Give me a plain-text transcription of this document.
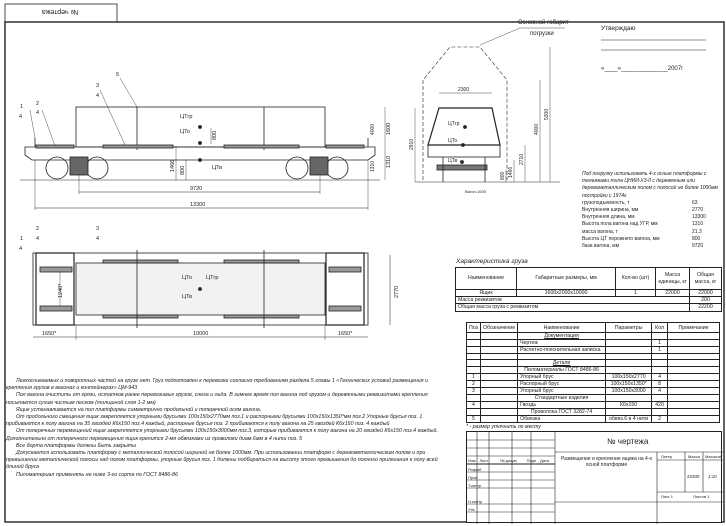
№ чертежа
1
4
2
4
3
4
5
ЦТгр
ЦТо
ЦТв
9720
13300
800
1466 800
1600
1310
1
4
2
4
3
4
ЦТо	ЦТгр
ЦТв
1650*	10000	1650*
1240*	2770
Основной габарит
погрузки
2300
ЦТгр
ЦТо
ЦТв
2910
5300
4000
2710
1466
800
Вагон-1000
4000
1310
Утверждаю
«____»______________2007г
Под погрузку использовать 4-х осные платформы с тележками типа ЦНИИ-Х3-0 с деревянным или деревометаллическим полом с полосой не более 1000мм постройки с 1974г
грузоподъемность, т	63
Внутренняя ширина, мм	2770
Внутренняя длина, мм	13300
Высота пола вагона над УГР, мм	1310
масса вагона, т	21.3
Высота ЦТ порожнего вагона, мм	800
база вагона, мм	9720
Характеристика груза
Наименование	Габаритные размеры, мм	Кол-во (шт)	Масса единицы, кг	Общая масса, кг
Ящик	1600х2000х10000	1	22000	22000
Масса реквизитов				200
Общая масса груза с реквизитом				22200
Поз	Обозначение	Наименование	Параметры	Кол	Примечание
		Документация			
		Чертеж		1	
		Расчетно-пояснительная записка		1	

		Детали			
		Пиломатериалы ГОСТ 8486-86			
1		Упорный брус	100х150х2770	4	
2		Распорный брус	100х150х1350*	8	
3		Упорный брус	100х150х3000	4	
		Стандартные изделия			
4		Гвоздь	К6х150	420	
		Проволока ГОСТ 3282-74			
5		Обвязка	обвяз.6 в 4 нити	2	
* - размер уточнить по месту
№ чертежа
Размещение и крепление ящика на 4-х осной платформе
Изм Лист	№ докум	Подп Дата
Разраб
Пров
Т.контр
Н.контр
Утв
Литер	Масса Масштаб
22200 1:10
Лист 1	Листов 1

Легкоснимаемых и поворотных частей на грузе нет. Груз подготовлен к перевозке согласно требованиям раздела 5 главы 1 «Технических условий размещения и крепления грузов в вагонах и контейнерах» ЦМ-943

Пол вагона очистить от грязи, остатков ранее перевозимых грузов, снега и льда. В зимнее время пол вагона под грузом и деревянными реквизитами крепления посыпается сухим чистым песком (толщиной слоя 1-2 мм)

Ящик устанавливается на пол платформы симметрично продольной и поперечной осям вагона.

От продольного смещения ящик закрепляется упорными брусьями 100х150х2770мм поз.1 и распорными брусьями 100х150х1350*мм поз.2 Упорные брусья поз. 1 прибиваются к полу вагона на 35 гвоздей К6х150 поз.4 каждый, распорные брусья поз. 2 прибиваются к полу вагона на 25 гвоздей К6х150 поз. 4 каждый

От поперечных перемещений ящик закрепляется упорными брусьями 100х150х3000мм поз.3, которые прибиваются к полу вагона на 20 гвоздей К6х150 поз.4 каждый. Дополнительно от поперечного перемещения ящик крепится 2-мя обвязками из проволоки диам.6мм в 4 нити поз. 5

Все борта платформы должны быть закрыты

Допускается использовать платформу с металлической полосой шириной не более 1000мм. При использовании платформ с деревометаллическим полом и при превышении металлической полосы над полом платформы, упорные брусья поз. 1 должны подбираться на высоту этого превышения до полного прилегания к полу всей длиной бруса

Пиломатериал применять не ниже 3-го сорта по ГОСТ 8486-86
